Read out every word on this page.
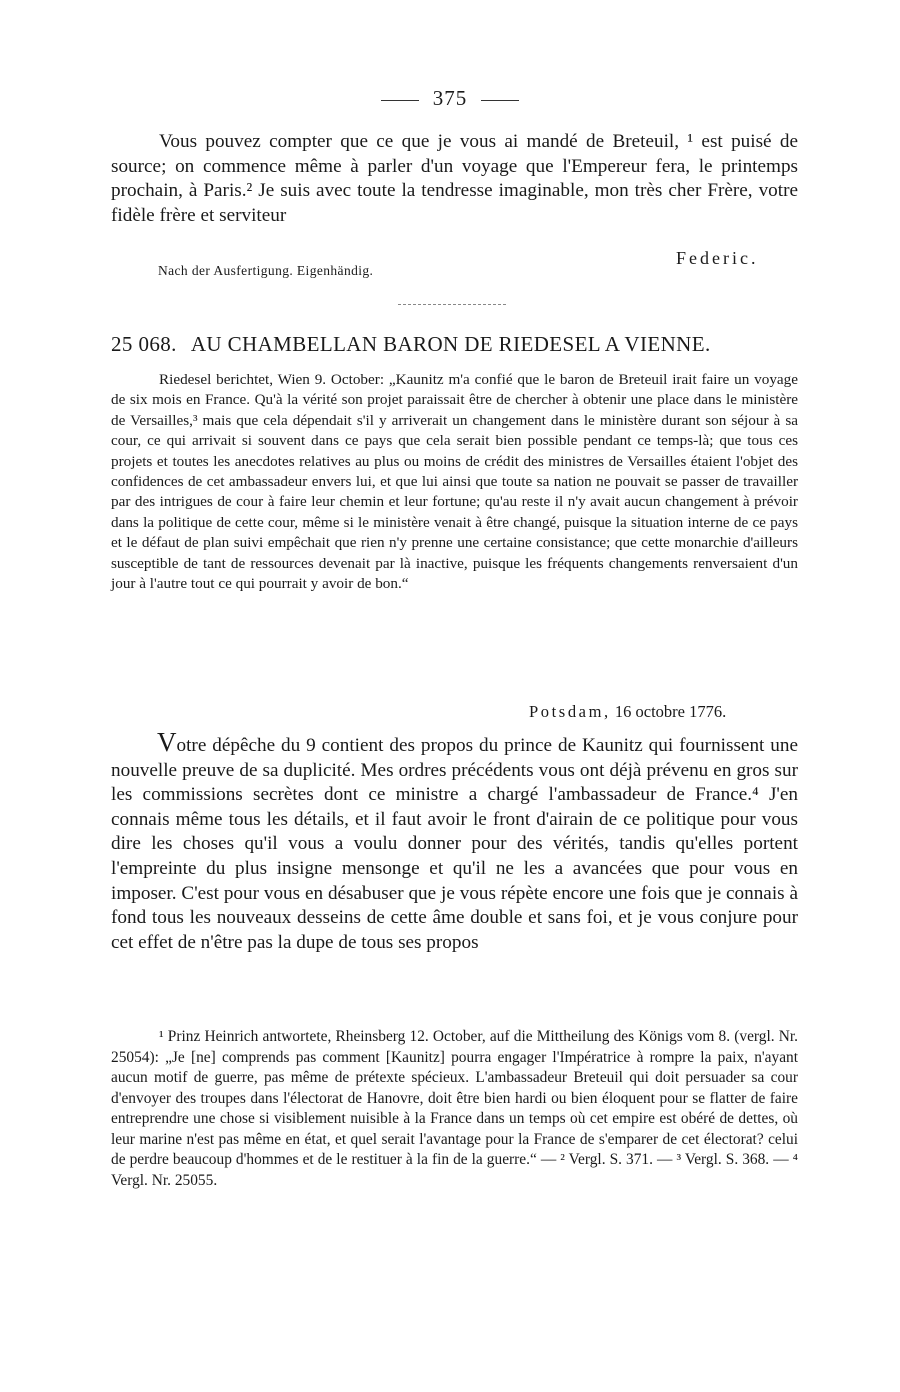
375
Vous pouvez compter que ce que je vous ai mandé de Breteuil, ¹ est puisé de source; on commence même à parler d'un voyage que l'Empereur fera, le printemps prochain, à Paris.² Je suis avec toute la tendresse imaginable, mon très cher Frère, votre fidèle frère et serviteur
Federic.
Nach der Ausfertigung. Eigenhändig.
25 068. AU CHAMBELLAN BARON DE RIEDESEL A VIENNE.
Riedesel berichtet, Wien 9. October: „Kaunitz m'a confié que le baron de Breteuil irait faire un voyage de six mois en France. Qu'à la vérité son projet paraissait être de chercher à obtenir une place dans le ministère de Versailles,³ mais que cela dépendait s'il y arriverait un changement dans le ministère durant son séjour à sa cour, ce qui arrivait si souvent dans ce pays que cela serait bien possible pendant ce temps-là; que tous ces projets et toutes les anecdotes relatives au plus ou moins de crédit des ministres de Versailles étaient l'objet des confidences de cet ambassadeur envers lui, et que lui ainsi que toute sa nation ne pouvait se passer de travailler par des intrigues de cour à faire leur chemin et leur fortune; qu'au reste il n'y avait aucun changement à prévoir dans la politique de cette cour, même si le ministère venait à être changé, puisque la situation interne de ce pays et le défaut de plan suivi empêchait que rien n'y prenne une certaine consistance; que cette monarchie d'ailleurs susceptible de tant de ressources devenait par là inactive, puisque les fréquents changements renversaient d'un jour à l'autre tout ce qui pourrait y avoir de bon.“
Potsdam, 16 octobre 1776.
Votre dépêche du 9 contient des propos du prince de Kaunitz qui fournissent une nouvelle preuve de sa duplicité. Mes ordres précédents vous ont déjà prévenu en gros sur les commissions secrètes dont ce ministre a chargé l'ambassadeur de France.⁴ J'en connais même tous les détails, et il faut avoir le front d'airain de ce politique pour vous dire les choses qu'il vous a voulu donner pour des vérités, tandis qu'elles portent l'empreinte du plus insigne mensonge et qu'il ne les a avancées que pour vous en imposer. C'est pour vous en désabuser que je vous répète encore une fois que je connais à fond tous les nouveaux desseins de cette âme double et sans foi, et je vous conjure pour cet effet de n'être pas la dupe de tous ses propos
¹ Prinz Heinrich antwortete, Rheinsberg 12. October, auf die Mittheilung des Königs vom 8. (vergl. Nr. 25054): „Je [ne] comprends pas comment [Kaunitz] pourra engager l'Impératrice à rompre la paix, n'ayant aucun motif de guerre, pas même de prétexte spécieux. L'ambassadeur Breteuil qui doit persuader sa cour d'envoyer des troupes dans l'électorat de Hanovre, doit être bien hardi ou bien éloquent pour se flatter de faire entreprendre une chose si visiblement nuisible à la France dans un temps où cet empire est obéré de dettes, où leur marine n'est pas même en état, et quel serait l'avantage pour la France de s'emparer de cet électorat? celui de perdre beaucoup d'hommes et de le restituer à la fin de la guerre.“ — ² Vergl. S. 371. — ³ Vergl. S. 368. — ⁴ Vergl. Nr. 25055.
